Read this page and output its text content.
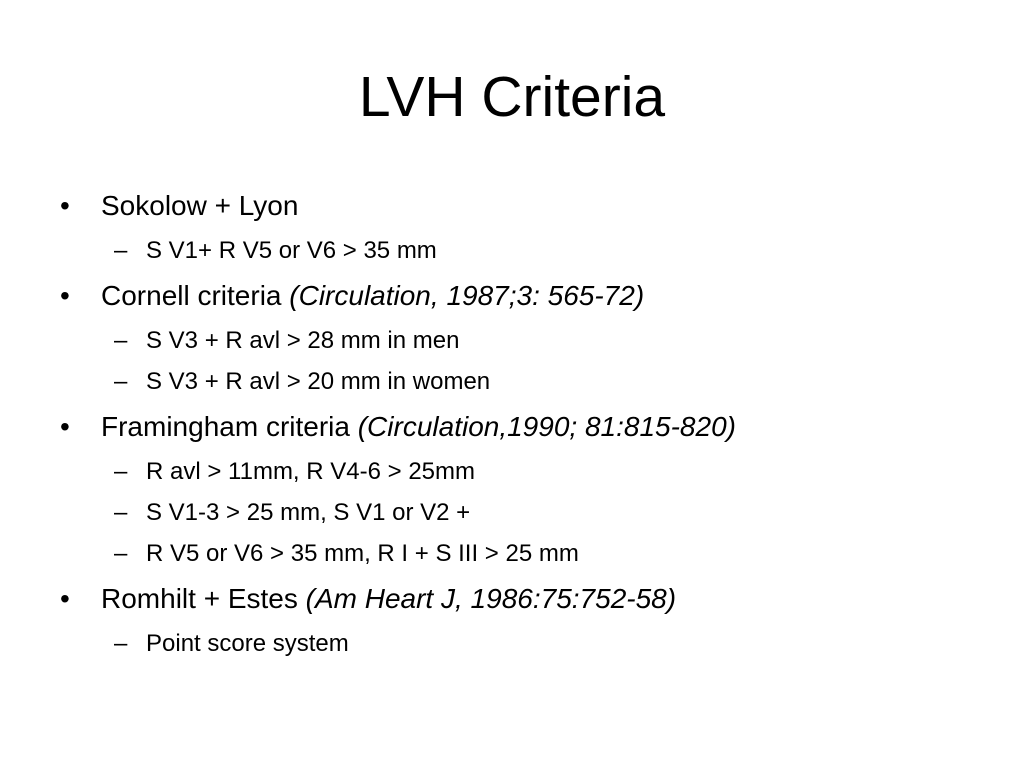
LVH Criteria
• Sokolow + Lyon
– S V1+ R V5 or V6 > 35 mm
• Cornell criteria (Circulation, 1987;3: 565-72)
– S V3 + R avl > 28 mm in men
– S V3 + R avl > 20 mm in women
• Framingham criteria (Circulation,1990; 81:815-820)
– R avl > 11mm, R V4-6 > 25mm
– S V1-3 > 25 mm, S V1 or V2 +
– R V5 or V6 > 35 mm, R I + S III > 25 mm
• Romhilt + Estes (Am Heart J, 1986:75:752-58)
– Point score system
